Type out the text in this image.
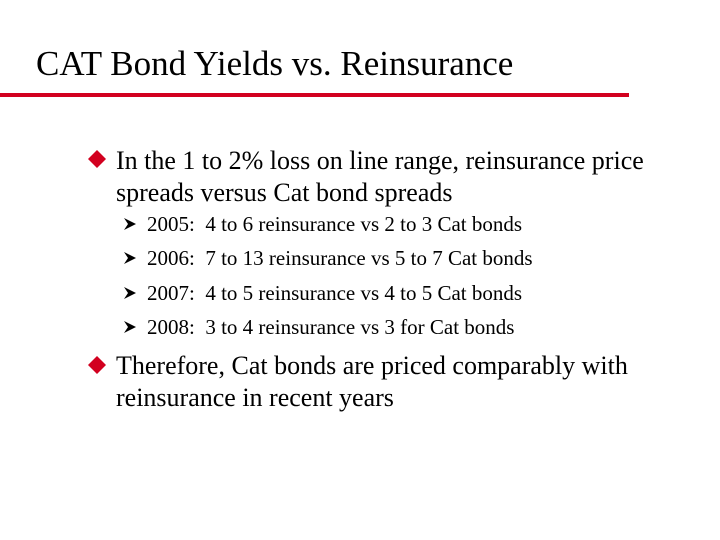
CAT Bond Yields vs. Reinsurance
In the 1 to 2% loss on line range, reinsurance price
spreads versus Cat bond spreads
2005: 4 to 6 reinsurance vs 2 to 3 Cat bonds
2006: 7 to 13 reinsurance vs 5 to 7 Cat bonds
2007: 4 to 5 reinsurance vs 4 to 5 Cat bonds
2008: 3 to 4 reinsurance vs 3 for Cat bonds
Therefore, Cat bonds are priced comparably with
reinsurance in recent years
